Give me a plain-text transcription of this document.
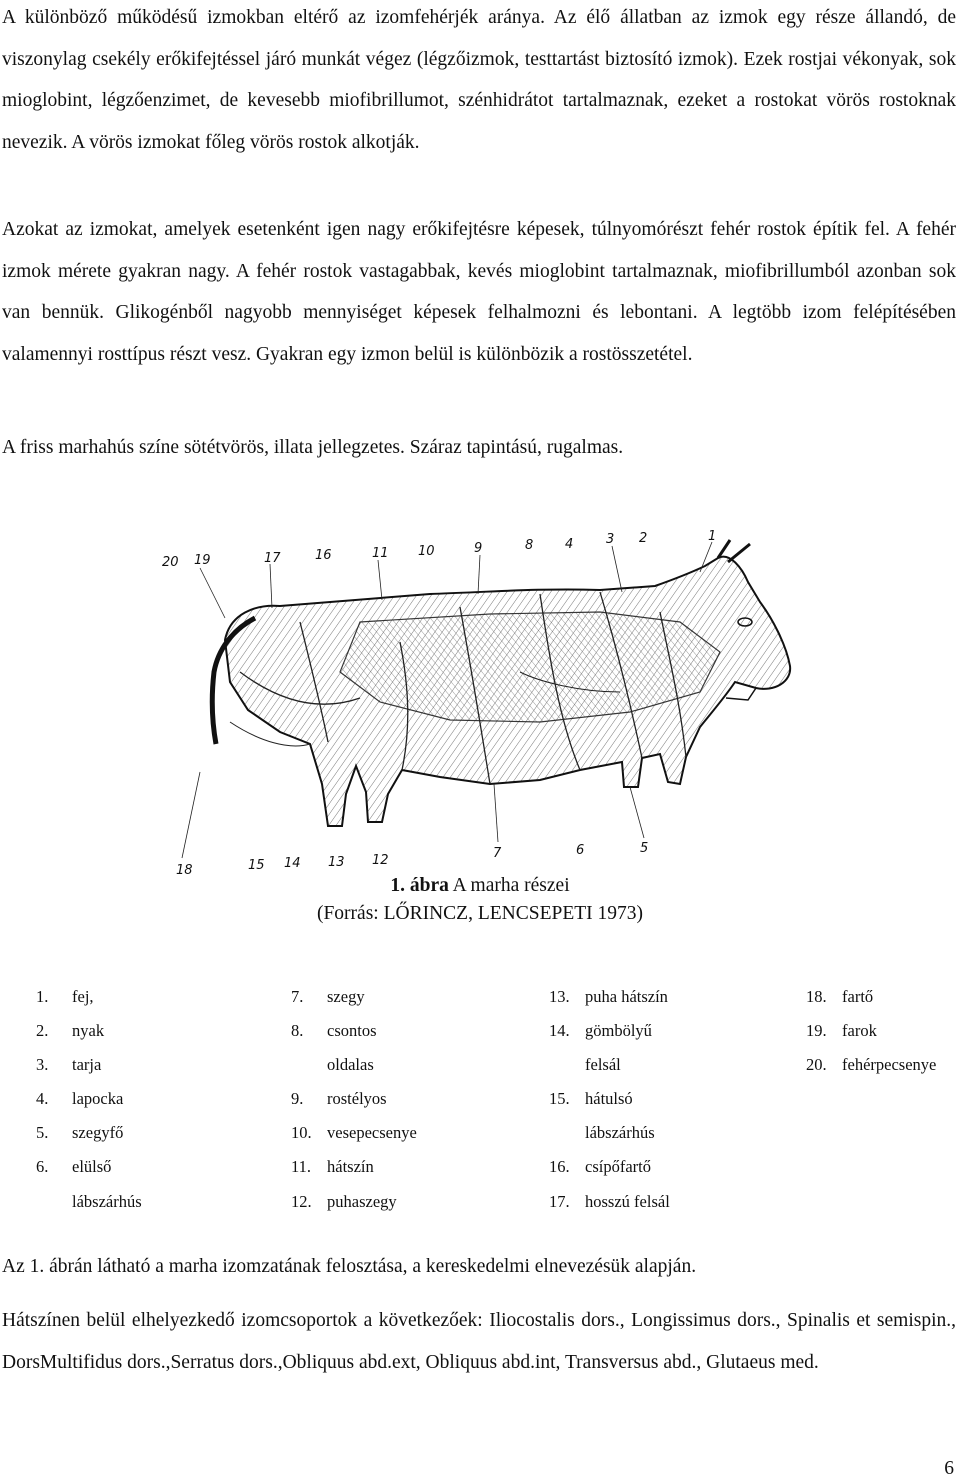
A különböző működésű izmokban eltérő az izomfehérjék aránya. Az élő állatban az izmok egy része állandó, de viszonylag csekély erőkifejtéssel járó munkát végez (légzőizmok, testtartást biztosító izmok). Ezek rostjai vékonyak, sok mioglobint, légzőenzimet, de kevesebb miofibrillumot, szénhidrátot tartalmaznak, ezeket a rostokat vörös rostoknak nevezik. A vörös izmokat főleg vörös rostok alkotják.

Azokat az izmokat, amelyek esetenként igen nagy erőkifejtésre képesek, túlnyomórészt fehér rostok építik fel. A fehér izmok mérete gyakran nagy. A fehér rostok vastagabbak, kevés mioglobint tartalmaznak, miofibrillumból azonban sok van bennük. Glikogénből nagyobb mennyiséget képesek felhalmozni és lebontani. A legtöbb izom felépítésében valamennyi rosttípus részt vesz. Gyakran egy izmon belül is különbözik a rostösszetétel.

A friss marhahús színe sötétvörös, illata jellegzetes. Száraz tapintású, rugalmas.

20 19	17	16	11 10	9	8 4	3 2	1
18	15 14 13 12	7	6	5
1. ábra A marha részei
(Forrás: LŐRINCZ, LENCSEPETI 1973)
1.	fej,
2.	nyak
3.	tarja
4.	lapocka
5.	szegyfő
6.	elülső
lábszárhús
7.	szegy
8.	csontos
oldalas
9.	rostélyos
10. vesepecsenye
11. hátszín
12. puhaszegy
13. puha hátszín
14. gömbölyű
felsál
15. hátulsó
lábszárhús
16. csípőfartő
17. hosszú felsál
18. fartő
19. farok
20. fehérpecsenye

Az 1. ábrán látható a marha izomzatának felosztása, a kereskedelmi elnevezésük alapján.

Hátszínen belül elhelyezkedő izomcsoportok a következőek: Iliocostalis dors., Longissimus dors., Spinalis et semispin., DorsMultifidus dors.,Serratus dors.,Obliquus abd.ext, Obliquus abd.int, Transversus abd., Glutaeus med.

6
